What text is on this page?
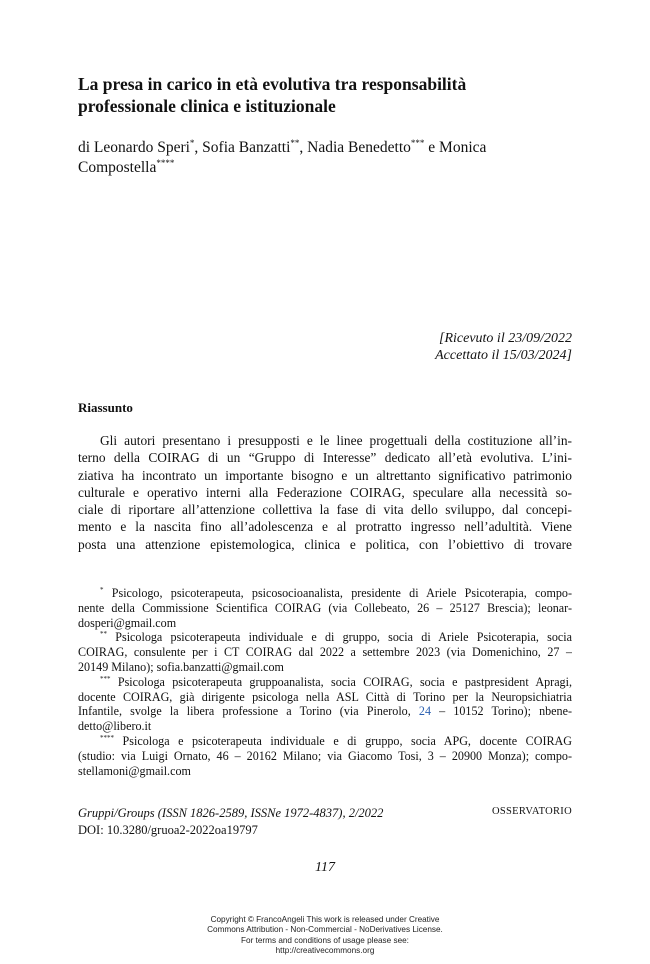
La presa in carico in età evolutiva tra responsabilità
professionale clinica e istituzionale

di Leonardo Speri*, Sofia Banzatti**, Nadia Benedetto*** e Monica
Compostella****

[Ricevuto il 23/09/2022
Accettato il 15/03/2024]
Riassunto
Gli autori presentano i presupposti e le linee progettuali della costituzione all’in-
terno della COIRAG di un “Gruppo di Interesse” dedicato all’età evolutiva. L’ini-
ziativa ha incontrato un importante bisogno e un altrettanto significativo patrimonio
culturale e operativo interni alla Federazione COIRAG, speculare alla necessità so-
ciale di riportare all’attenzione collettiva la fase di vita dello sviluppo, dal concepi-
mento e la nascita fino all’adolescenza e al protratto ingresso nell’adultità. Viene
posta una attenzione epistemologica, clinica e politica, con l’obiettivo di trovare
* Psicologo, psicoterapeuta, psicosocioanalista, presidente di Ariele Psicoterapia, compo-
nente della Commissione Scientifica COIRAG (via Collebeato, 26 – 25127 Brescia); leonar-
dosperi@gmail.com
** Psicologa psicoterapeuta individuale e di gruppo, socia di Ariele Psicoterapia, socia
COIRAG, consulente per i CT COIRAG dal 2022 a settembre 2023 (via Domenichino, 27 –
20149 Milano); sofia.banzatti@gmail.com
*** Psicologa psicoterapeuta gruppoanalista, socia COIRAG, socia e pastpresident Apragi,
docente COIRAG, già dirigente psicologa nella ASL Città di Torino per la Neuropsichiatria
Infantile, svolge la libera professione a Torino (via Pinerolo, 24 – 10152 Torino); nbene-
detto@libero.it
**** Psicologa e psicoterapeuta individuale e di gruppo, socia APG, docente COIRAG
(studio: via Luigi Ornato, 46 – 20162 Milano; via Giacomo Tosi, 3 – 20900 Monza); compo-
stellamoni@gmail.com
Gruppi/Groups (ISSN 1826-2589, ISSNe 1972-4837), 2/2022	OSSERVATORIO
DOI: 10.3280/gruoa2-2022oa19797
117
Copyright © FrancoAngeli This work is released under Creative
Commons Attribution - Non-Commercial - NoDerivatives License.
For terms and conditions of usage please see:
http://creativecommons.org
